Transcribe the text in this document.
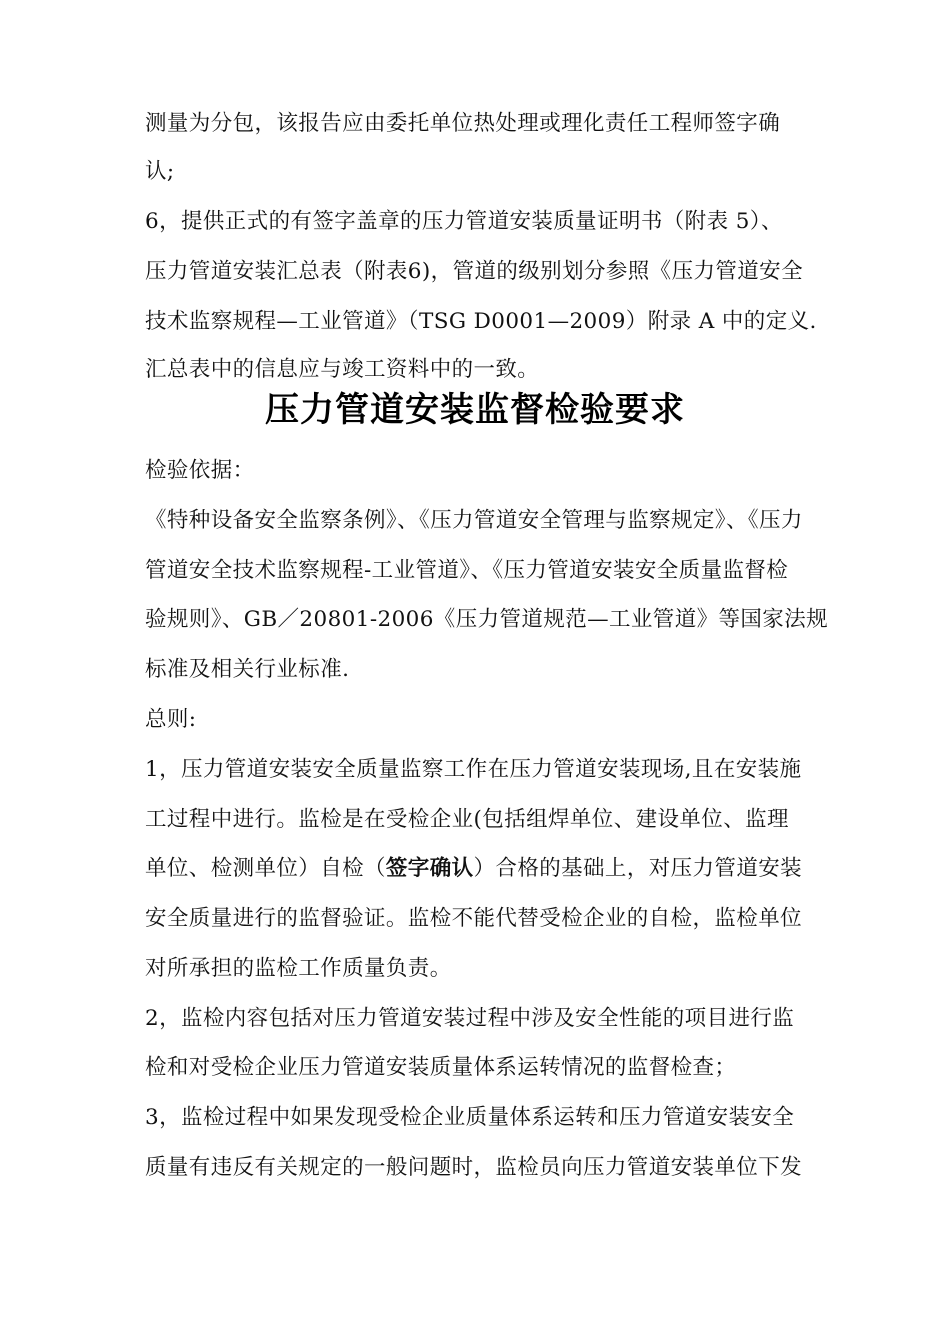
测量为分包，该报告应由委托单位热处理或理化责任工程师签字确
认;
6，提供正式的有签字盖章的压力管道安装质量证明书（附表 5）、
压力管道安装汇总表（附表6)，管道的级别划分参照《压力管道安全
技术监察规程—工业管道》（TSG D0001—2009）附录 A 中的定义.
汇总表中的信息应与竣工资料中的一致。
压力管道安装监督检验要求
检验依据：
《特种设备安全监察条例》、《压力管道安全管理与监察规定》、《压力
管道安全技术监察规程-工业管道》、《压力管道安装安全质量监督检
验规则》、GB／20801-2006《压力管道规范—工业管道》等国家法规
标准及相关行业标准.
总则:
1，压力管道安装安全质量监察工作在压力管道安装现场,且在安装施
工过程中进行。监检是在受检企业(包括组焊单位、建设单位、监理
单位、检测单位）自检（签字确认）合格的基础上，对压力管道安装
安全质量进行的监督验证。监检不能代替受检企业的自检，监检单位
对所承担的监检工作质量负责。
2，监检内容包括对压力管道安装过程中涉及安全性能的项目进行监
检和对受检企业压力管道安装质量体系运转情况的监督检查；
3，监检过程中如果发现受检企业质量体系运转和压力管道安装安全
质量有违反有关规定的一般问题时，监检员向压力管道安装单位下发
